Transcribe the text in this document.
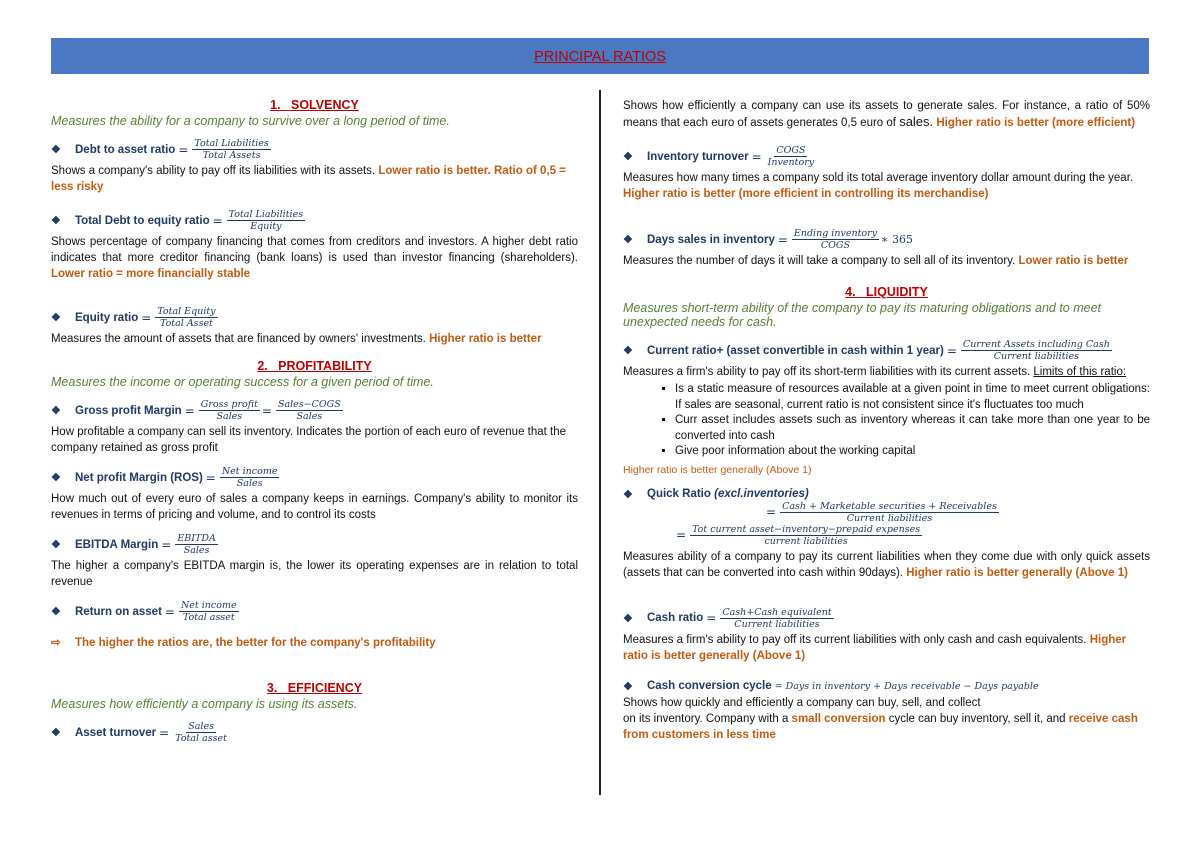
PRINCIPAL RATIOS
1.   SOLVENCY
Measures the ability for a company to survive over a long period of time.
❖	Debt to asset ratio = $\frac{\text{Total Liabilities}}{\text{Total Assets}}$

Shows a company's ability to pay off its liabilities with its assets. Lower ratio is better. Ratio of 0,5 = less risky

❖	Total Debt to equity ratio = $\frac{\text{Total Liabilities}}{\text{Equity}}$

Shows percentage of company financing that comes from creditors and investors. A higher debt ratio indicates that more creditor financing (bank loans) is used than investor financing (shareholders). Lower ratio = more financially stable

❖	Equity ratio = $\frac{\text{Total Equity}}{\text{Total Asset}}$

Measures the amount of assets that are financed by owners' investments. Higher ratio is better

2.   PROFITABILITY
Measures the income or operating success for a given period of time.
❖	Gross profit Margin = $\frac{\text{Gross profit}}{\text{Sales}} = \frac{\text{Sales−COGS}}{\text{Sales}}$

How profitable a company can sell its inventory. Indicates the portion of each euro of revenue that the company retained as gross profit

❖	Net profit Margin $(ROS) = \frac{\text{Net income}}{\text{Sales}}$

How much out of every euro of sales a company keeps in earnings. Company's ability to monitor its revenues in terms of pricing and volume, and to control its costs

❖	EBITDA Margin = $\frac{\text{EBITDA}}{\text{Sales}}$

The higher a company's EBITDA margin is, the lower its operating expenses are in relation to total revenue

❖	Return on asset = $\frac{\text{Net income}}{\text{Total asset}}$

⇨ The higher the ratios are, the better for the company's profitability

3.   EFFICIENCY
Measures how efficiently a company is using its assets.
❖	Asset turnover = $\frac{\text{Sales}}{\text{Total asset}}$

Shows how efficiently a company can use its assets to generate sales. For instance, a ratio of 50% means that each euro of assets generates 0,5 euro of sales. Higher ratio is better (more efficient)

❖	Inventory turnover = $\frac{\text{COGS}}{\text{Inventory}}$

Measures how many times a company sold its total average inventory dollar amount during the year. Higher ratio is better (more efficient in controlling its merchandise)

❖	Days sales in inventory = $\frac{\text{Ending inventory}}{\text{COGS}}$ ∗ 365

Measures the number of days it will take a company to sell all of its inventory. Lower ratio is better

4.   LIQUIDITY
Measures short-term ability of the company to pay its maturing obligations and to meet unexpected needs for cash.
❖	Current ratio+ (asset convertible in cash within 1 year) = $\frac{\text{Current Assets including Cash}}{\text{Current liabilities}}$

Measures a firm's ability to pay off its short-term liabilities with its current assets. Limits of this ratio:

▪ Is a static measure of resources available at a given point in time to meet current obligations: If sales are seasonal, current ratio is not consistent since it's fluctuates too much
▪ Curr asset includes assets such as inventory whereas it can take more than one year to be converted into cash
▪ Give poor information about the working capital

Higher ratio is better generally (Above 1)

❖	Quick Ratio
(excl.inventories)
= $\frac{\text{Cash + Marketable securities + Receivables}}{\text{Current liabilities}}$
= $\frac{\text{Tot current asset−inventory−prepaid expenses}}{\text{current liabilities}}$

Measures ability of a company to pay its current liabilities when they come due with only quick assets (assets that can be converted into cash within 90days). Higher ratio is better generally (Above 1)

❖	Cash ratio = $\frac{\text{Cash+Cash equivalent}}{\text{Current liabilities}}$

Measures a firm's ability to pay off its current liabilities with only cash and cash equivalents. Higher ratio is better generally (Above 1)

❖	Cash conversion cycle = Days in inventory + Days receivable − Days payable

Shows how quickly and efficiently a company can buy, sell, and collect

on its inventory. Company with a small conversion cycle can buy inventory, sell it, and receive cash from customers in less time
